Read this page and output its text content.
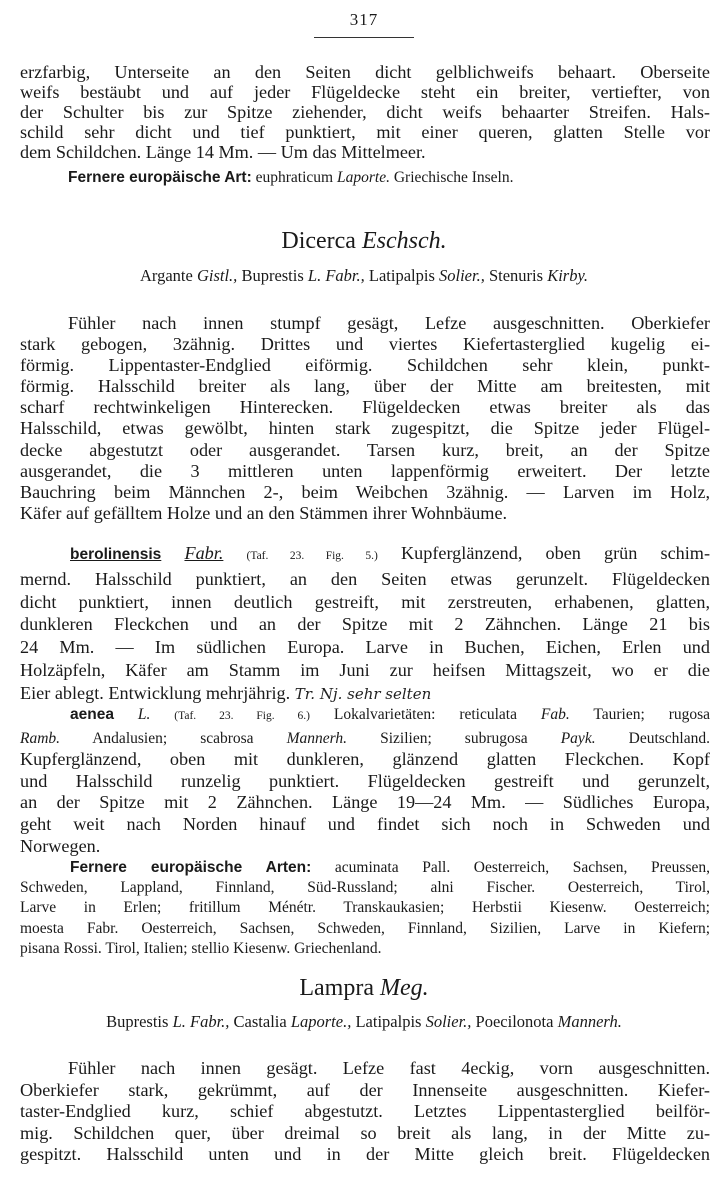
317
erzfarbig, Unterseite an den Seiten dicht gelblichweifs behaart. Oberseite
weifs bestäubt und auf jeder Flügeldecke steht ein breiter, vertiefter, von
der Schulter bis zur Spitze ziehender, dicht weifs behaarter Streifen. Hals-
schild sehr dicht und tief punktiert, mit einer queren, glatten Stelle vor
dem Schildchen. Länge 14 Mm. — Um das Mittelmeer.
Fernere europäische Art: euphraticum Laporte. Griechische Inseln.
Dicerca Eschsch.
Argante Gistl., Buprestis L. Fabr., Latipalpis Solier., Stenuris Kirby.
Fühler nach innen stumpf gesägt, Lefze ausgeschnitten. Oberkiefer
stark gebogen, 3zähnig. Drittes und viertes Kiefertasterglied kugelig ei-
förmig. Lippentaster-Endglied eiförmig. Schildchen sehr klein, punkt-
förmig. Halsschild breiter als lang, über der Mitte am breitesten, mit
scharf rechtwinkeligen Hinterecken. Flügeldecken etwas breiter als das
Halsschild, etwas gewölbt, hinten stark zugespitzt, die Spitze jeder Flügel-
decke abgestutzt oder ausgerandet. Tarsen kurz, breit, an der Spitze
ausgerandet, die 3 mittleren unten lappenförmig erweitert. Der letzte
Bauchring beim Männchen 2-, beim Weibchen 3zähnig. — Larven im Holz,
Käfer auf gefälltem Holze und an den Stämmen ihrer Wohnbäume.
berolinensis Fabr. (Taf. 23. Fig. 5.) Kupferglänzend, oben grün schim-
mernd. Halsschild punktiert, an den Seiten etwas gerunzelt. Flügeldecken
dicht punktiert, innen deutlich gestreift, mit zerstreuten, erhabenen, glatten,
dunkleren Fleckchen und an der Spitze mit 2 Zähnchen. Länge 21 bis
24 Mm. — Im südlichen Europa. Larve in Buchen, Eichen, Erlen und
Holzäpfeln, Käfer am Stamm im Juni zur heifsen Mittagszeit, wo er die
Eier ablegt. Entwicklung mehrjährig. Tr. Nj. sehr selten
aenea L. (Taf. 23. Fig. 6.) Lokalvarietäten: reticulata Fab. Taurien; rugosa
Ramb. Andalusien; scabrosa Mannerh. Sizilien; subrugosa Payk. Deutschland.
Kupferglänzend, oben mit dunkleren, glänzend glatten Fleckchen. Kopf
und Halsschild runzelig punktiert. Flügeldecken gestreift und gerunzelt,
an der Spitze mit 2 Zähnchen. Länge 19—24 Mm. — Südliches Europa,
geht weit nach Norden hinauf und findet sich noch in Schweden und
Norwegen.
Fernere europäische Arten: acuminata Pall. Oesterreich, Sachsen, Preussen,
Schweden, Lappland, Finnland, Süd-Russland; alni Fischer. Oesterreich, Tirol,
Larve in Erlen; fritillum Ménétr. Transkaukasien; Herbstii Kiesenw. Oesterreich;
moesta Fabr. Oesterreich, Sachsen, Schweden, Finnland, Sizilien, Larve in Kiefern;
pisana Rossi. Tirol, Italien; stellio Kiesenw. Griechenland.
Lampra Meg.
Buprestis L. Fabr., Castalia Laporte., Latipalpis Solier., Poecilonota Mannerh.
Fühler nach innen gesägt. Lefze fast 4eckig, vorn ausgeschnitten.
Oberkiefer stark, gekrümmt, auf der Innenseite ausgeschnitten. Kiefer-
taster-Endglied kurz, schief abgestutzt. Letztes Lippentasterglied beilför-
mig. Schildchen quer, über dreimal so breit als lang, in der Mitte zu-
gespitzt. Halsschild unten und in der Mitte gleich breit. Flügeldecken
